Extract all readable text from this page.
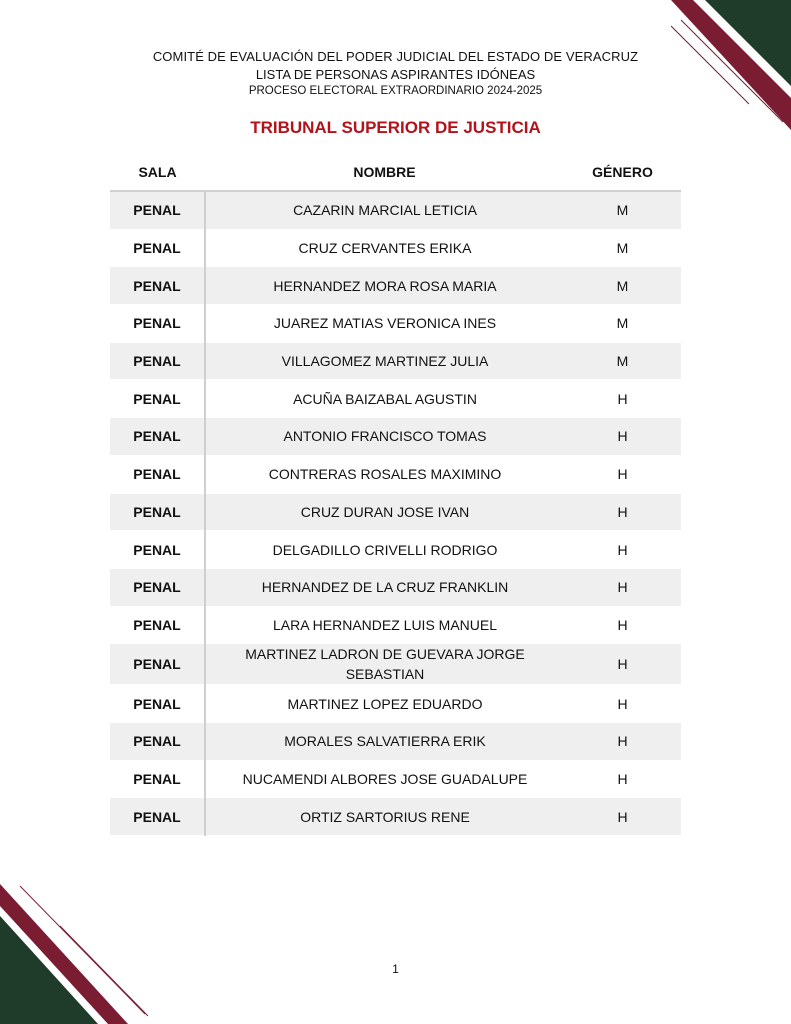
COMITÉ DE EVALUACIÓN DEL PODER JUDICIAL DEL ESTADO DE VERACRUZ
LISTA DE PERSONAS ASPIRANTES IDÓNEAS
PROCESO ELECTORAL EXTRAORDINARIO 2024-2025
TRIBUNAL SUPERIOR DE JUSTICIA
SALA	NOMBRE	GÉNERO
PENAL	CAZARIN MARCIAL LETICIA	M
PENAL	CRUZ CERVANTES ERIKA	M
PENAL	HERNANDEZ MORA ROSA MARIA	M
PENAL	JUAREZ MATIAS VERONICA INES	M
PENAL	VILLAGOMEZ MARTINEZ JULIA	M
PENAL	ACUÑA BAIZABAL AGUSTIN	H
PENAL	ANTONIO FRANCISCO TOMAS	H
PENAL	CONTRERAS ROSALES MAXIMINO	H
PENAL	CRUZ DURAN JOSE IVAN	H
PENAL	DELGADILLO CRIVELLI RODRIGO	H
PENAL	HERNANDEZ DE LA CRUZ FRANKLIN	H
PENAL	LARA HERNANDEZ LUIS MANUEL	H
PENAL	MARTINEZ LADRON DE GUEVARA JORGE SEBASTIAN	H
PENAL	MARTINEZ LOPEZ EDUARDO	H
PENAL	MORALES SALVATIERRA ERIK	H
PENAL	NUCAMENDI ALBORES JOSE GUADALUPE	H
PENAL	ORTIZ SARTORIUS RENE	H
1
